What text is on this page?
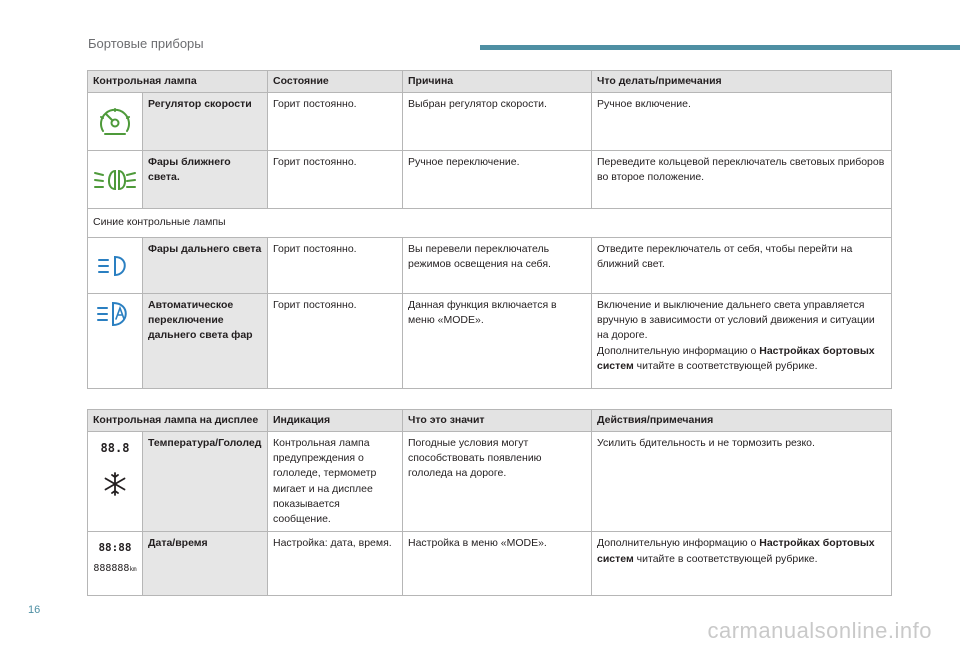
Бортовые приборы
Контрольная лампа		Состояние	Причина	Что делать/примечания
	Регулятор скорости	Горит постоянно.	Выбран регулятор скорости.	Ручное включение.
	Фары ближнего света.	Горит постоянно.	Ручное переключение.	Переведите кольцевой переключатель световых приборов во второе положение.
Синие контрольные лампы				
	Фары дальнего света	Горит постоянно.	Вы перевели переключатель режимов освещения на себя.	Отведите переключатель от себя, чтобы перейти на ближний свет.
	Автоматическое переключение дальнего света фар	Горит постоянно.	Данная функция включается в меню «MODE».	Включение и выключение дальнего света управляется вручную в зависимости от условий движения и ситуации на дороге.
Дополнительную информацию о Настройках бортовых систем читайте в соответствующей рубрике.
Контрольная лампа на дисплее		Индикация	Что это значит	Действия/примечания

88.8	Температура/Гололед	Контрольная лампа предупреждения о гололеде, термометр мигает и на дисплее показывается сообщение.	Погодные условия могут способствовать появлению гололеда на дороге.	Усилить бдительность и не тормозить резко.

88:88
888888km	Дата/время	Настройка: дата, время.	Настройка в меню «MODE».	Дополнительную информацию о Настройках бортовых систем читайте в соответствующей рубрике.
16
carmanualsonline.info
